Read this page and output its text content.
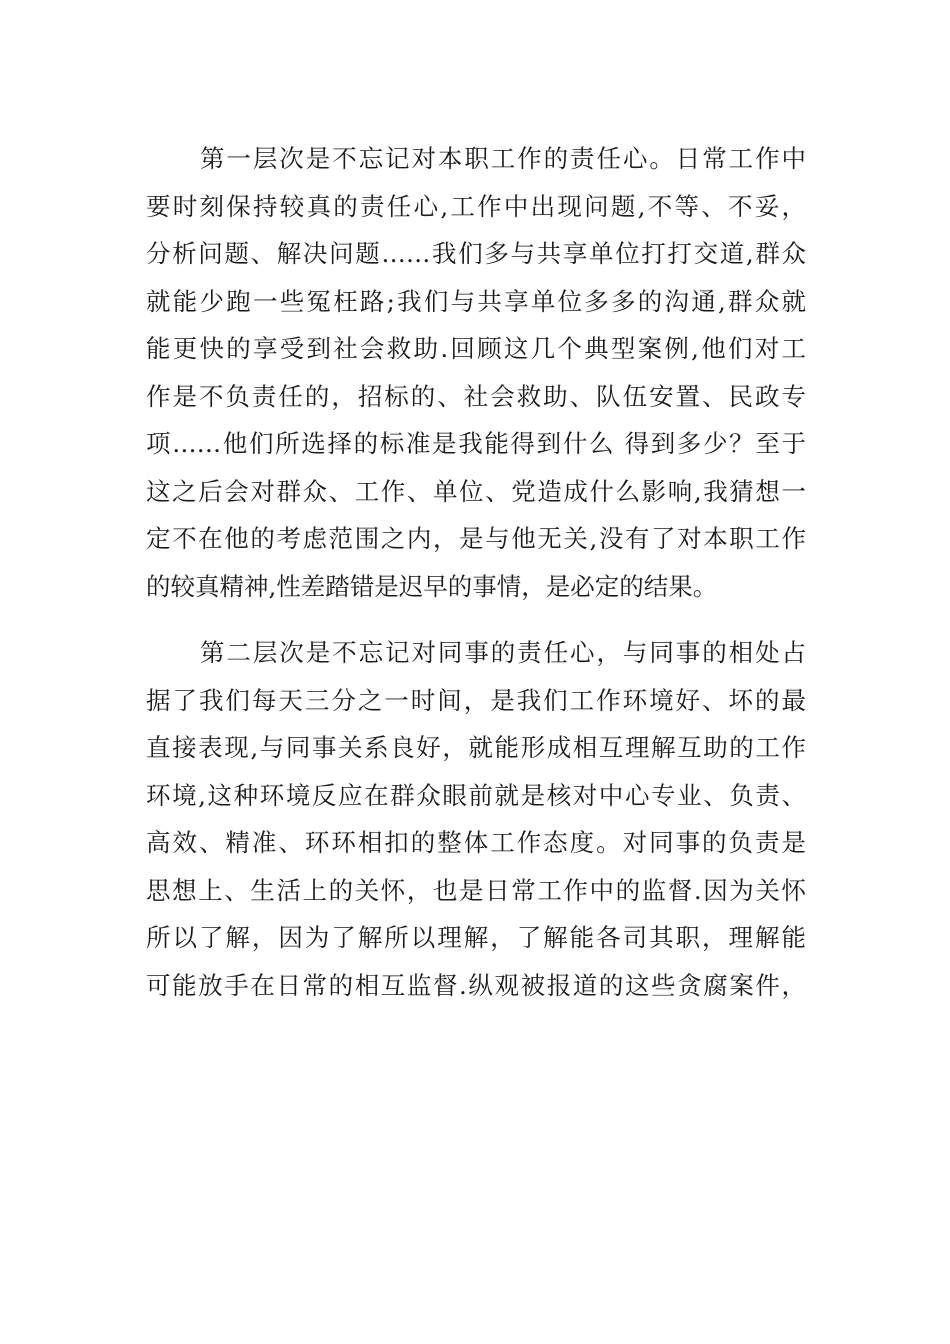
第一层次是不忘记对本职工作的责任心。日常工作中
要时刻保持较真的责任心,工作中出现问题,不等、不妥，
分析问题、解决问题……我们多与共享单位打打交道,群众
就能少跑一些冤枉路;我们与共享单位多多的沟通,群众就
能更快的享受到社会救助.回顾这几个典型案例,他们对工
作是不负责任的，招标的、社会救助、队伍安置、民政专
项……他们所选择的标准是我能得到什么 得到多少？至于
这之后会对群众、工作、单位、党造成什么影响,我猜想一
定不在他的考虑范围之内，是与他无关,没有了对本职工作
的较真精神,性差踏错是迟早的事情，是必定的结果。
第二层次是不忘记对同事的责任心，与同事的相处占
据了我们每天三分之一时间，是我们工作环境好、坏的最
直接表现,与同事关系良好，就能形成相互理解互助的工作
环境,这种环境反应在群众眼前就是核对中心专业、负责、
高效、精准、环环相扣的整体工作态度。对同事的负责是
思想上、生活上的关怀，也是日常工作中的监督.因为关怀
所以了解，因为了解所以理解，了解能各司其职，理解能
可能放手在日常的相互监督.纵观被报道的这些贪腐案件，
